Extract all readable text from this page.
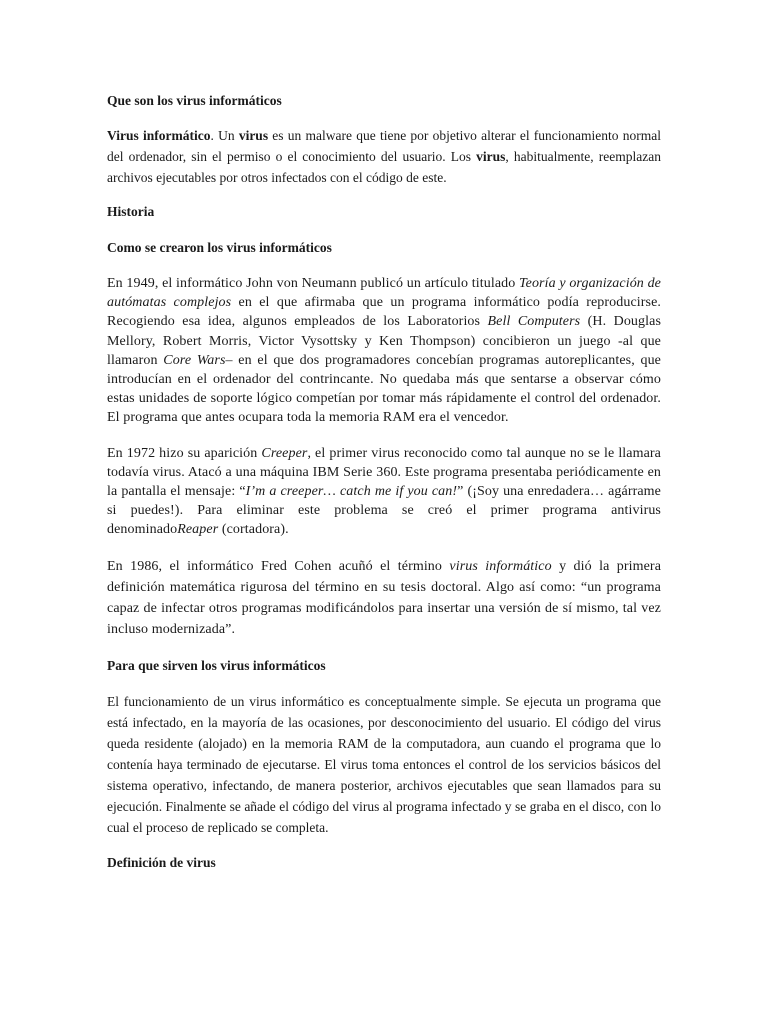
Que son los virus informáticos

Virus informático. Un virus es un malware que tiene por objetivo alterar el funcionamiento normal del ordenador, sin el permiso o el conocimiento del usuario. Los virus, habitualmente, reemplazan archivos ejecutables por otros infectados con el código de este.

Historia
Como se crearon los virus informáticos

En 1949, el informático John von Neumann publicó un artículo titulado Teoría y organización de autómatas complejos en el que afirmaba que un programa informático podía reproducirse. Recogiendo esa idea, algunos empleados de los Laboratorios Bell Computers (H. Douglas Mellory, Robert Morris, Victor Vysottsky y Ken Thompson) concibieron un juego -al que llamaron Core Wars– en el que dos programadores concebían programas autoreplicantes, que introducían en el ordenador del contrincante. No quedaba más que sentarse a observar cómo estas unidades de soporte lógico competían por tomar más rápidamente el control del ordenador. El programa que antes ocupara toda la memoria RAM era el vencedor.

En 1972 hizo su aparición Creeper, el primer virus reconocido como tal aunque no se le llamara todavía virus. Atacó a una máquina IBM Serie 360. Este programa presentaba periódicamente en la pantalla el mensaje: “I’m a creeper… catch me if you can!” (¡Soy una enredadera… agárrame si puedes!). Para eliminar este problema se creó el primer programa antivirus denominadoReaper (cortadora).

En 1986, el informático Fred Cohen acuñó el término virus informático y dió la primera definición matemática rigurosa del término en su tesis doctoral. Algo así como: “un programa capaz de infectar otros programas modificándolos para insertar una versión de sí mismo, tal vez incluso modernizada”.

Para que sirven los virus informáticos

El funcionamiento de un virus informático es conceptualmente simple. Se ejecuta un programa que está infectado, en la mayoría de las ocasiones, por desconocimiento del usuario. El código del virus queda residente (alojado) en la memoria RAM de la computadora, aun cuando el programa que lo contenía haya terminado de ejecutarse. El virus toma entonces el control de los servicios básicos del sistema operativo, infectando, de manera posterior, archivos ejecutables que sean llamados para su ejecución. Finalmente se añade el código del virus al programa infectado y se graba en el disco, con lo cual el proceso de replicado se completa.

Definición de virus
